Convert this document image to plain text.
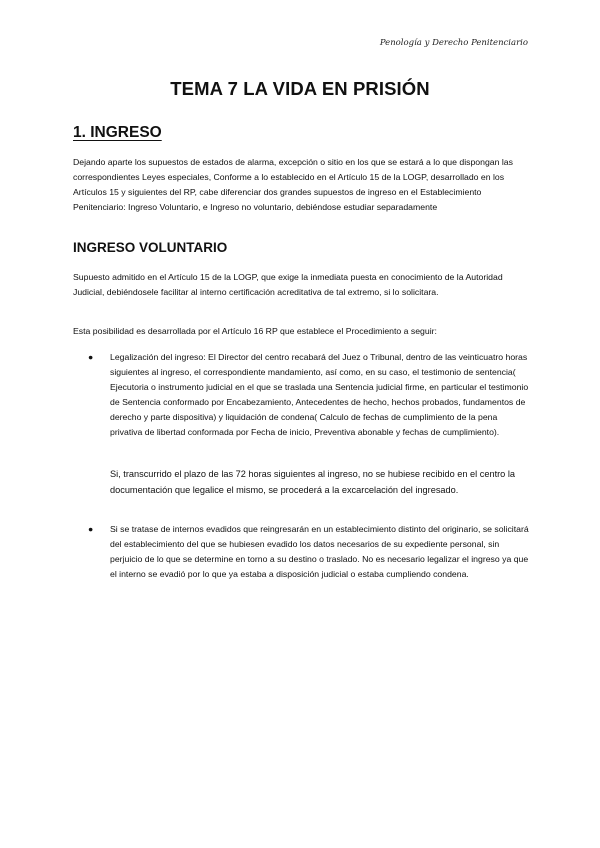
Penología y Derecho Penitenciario
TEMA 7 LA VIDA EN PRISIÓN
1. INGRESO
Dejando aparte los supuestos de estados de alarma, excepción o sitio en los que se estará a lo que dispongan las correspondientes Leyes especiales, Conforme a lo establecido en el Artículo 15 de la LOGP, desarrollado en los Artículos 15 y siguientes del RP, cabe diferenciar dos grandes supuestos de ingreso en el Establecimiento Penitenciario: Ingreso Voluntario, e Ingreso no voluntario, debiéndose estudiar separadamente
INGRESO VOLUNTARIO
Supuesto admitido en el Artículo 15 de la LOGP, que exige la inmediata puesta en conocimiento de la Autoridad Judicial, debiéndosele facilitar al interno certificación acreditativa de tal extremo, si lo solicitara.
Esta posibilidad es desarrollada por el Artículo 16 RP que establece el Procedimiento a seguir:
● Legalización del ingreso: El Director del centro recabará del Juez o Tribunal, dentro de las veinticuatro horas siguientes al ingreso, el correspondiente mandamiento, así como, en su caso, el testimonio de sentencia( Ejecutoria o instrumento judicial en el que se traslada una Sentencia judicial firme, en particular el testimonio de Sentencia conformado por Encabezamiento, Antecedentes de hecho, hechos probados, fundamentos de derecho y parte dispositiva) y liquidación de condena( Calculo de fechas de cumplimiento de la pena privativa de libertad conformada por Fecha de inicio, Preventiva abonable y fechas de cumplimiento).
Si, transcurrido el plazo de las 72 horas siguientes al ingreso, no se hubiese recibido en el centro la documentación que legalice el mismo, se procederá a la excarcelación del ingresado.
● Si se tratase de internos evadidos que reingresarán en un establecimiento distinto del originario, se solicitará del establecimiento del que se hubiesen evadido los datos necesarios de su expediente personal, sin perjuicio de lo que se determine en torno a su destino o traslado. No es necesario legalizar el ingreso ya que el interno se evadió por lo que ya estaba a disposición judicial o estaba cumpliendo condena.
